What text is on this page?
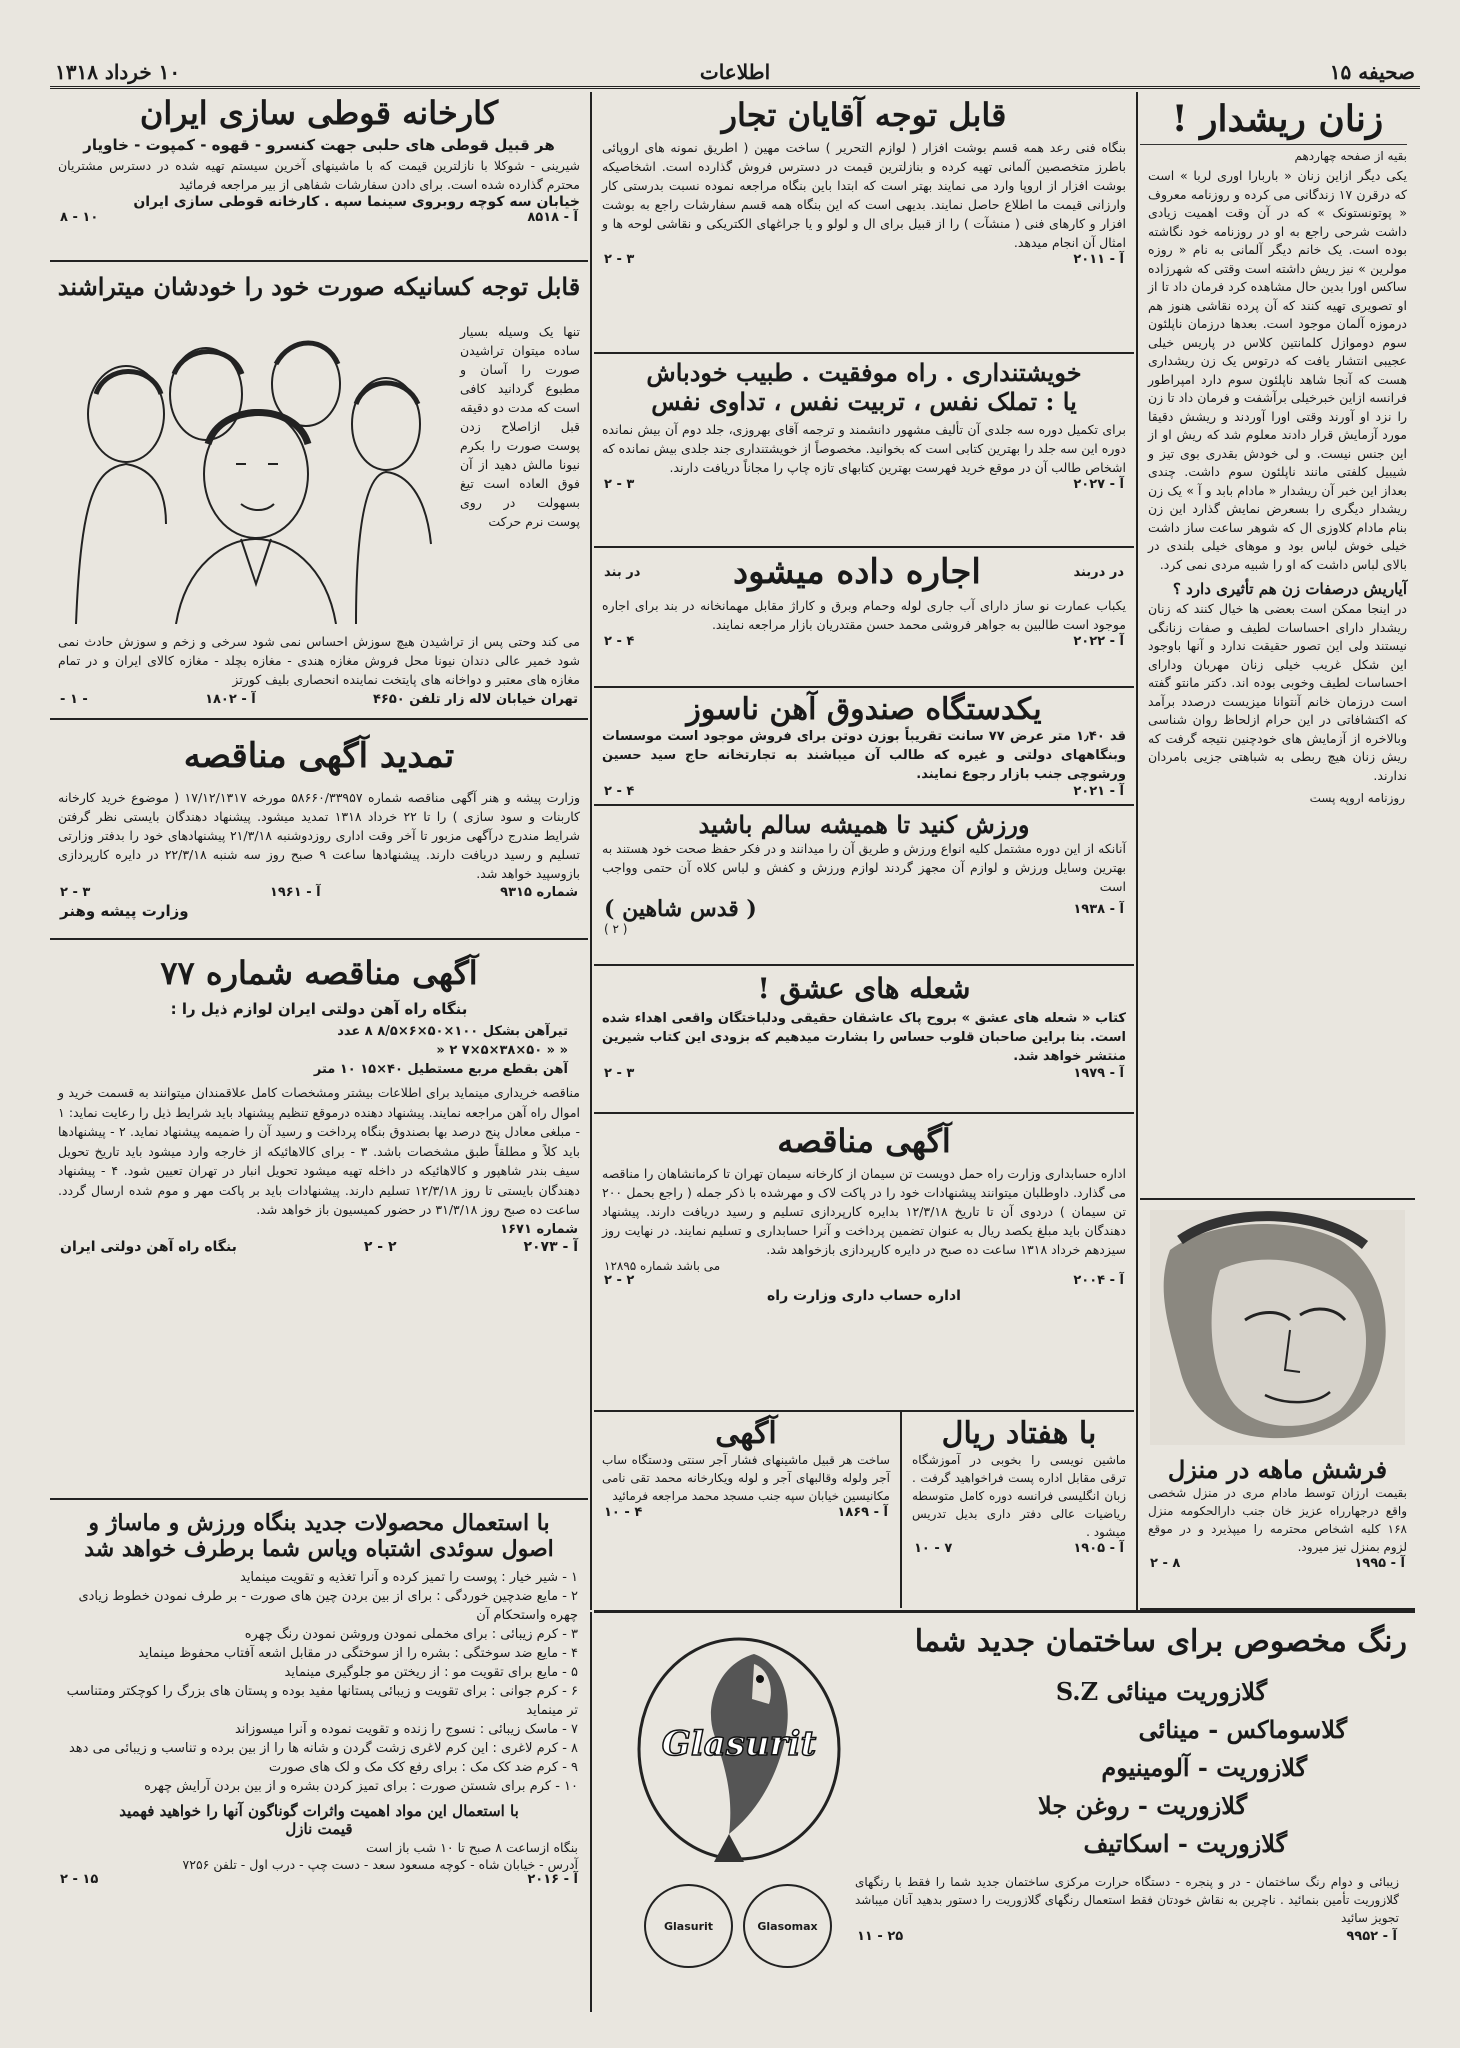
صحیفه ۱۵
اطلاعات
۱۰ خرداد ۱۳۱۸
زنان ریشدار !
بقیه از صفحه چهاردهم
یکی دیگر ازاین زنان « باربارا اوری لربا » است که درقرن ۱۷ زندگانی می کرده و روزنامه معروف « پوتونستونک » که در آن وقت اهمیت زیادی داشت شرحی راجع به او در روزنامه خود نگاشته بوده است. یک خانم دیگر آلمانی به نام « روزه مولرین » نیز ریش داشته است وقتی که شهرزاده ساکس اورا بدین حال مشاهده کرد فرمان داد تا از او تصویری تهیه کنند که آن پرده نقاشی هنوز هم درموزه آلمان موجود است. بعدها درزمان ناپلئون سوم دوموازل کلمانتین کلاس در پاریس خیلی عجیبی انتشار یافت که درتوس یک زن ریشداری هست که آنجا شاهد ناپلئون سوم دارد امپراطور فرانسه ازاین خبرخیلی برآشفت و فرمان داد تا زن را نزد او آورند وقتی اورا آوردند و ریشش دقیقا مورد آزمایش قرار دادند معلوم شد که ریش او از این جنس نیست. و لی خودش بقدری بوی تیز و شیبیل کلفتی مانند ناپلئون سوم داشت. چندی بعداز این خبر آن ریشدار « مادام بابد و آ » یک زن ریشدار دیگری را بسعرض نمایش گذارد این زن بنام مادام کلاوزی ال که شوهر ساعت ساز داشت خیلی خوش لباس بود و موهای خیلی بلندی در بالای لباس داشت که او را شبیه مردی نمی کرد.
آیاریش درصفات زن هم تأثیری دارد ؟
در اینجا ممکن است بعضی ها خیال کنند که زنان ریشدار دارای احساسات لطیف و صفات زنانگی نیستند ولی این تصور حقیقت ندارد و آنها باوجود این شکل غریب خیلی زنان مهربان ودارای احساسات لطیف وخوبی بوده اند. دکتر مانتو گفته است درزمان خانم آنتوانا میزیست درصدد برآمد که اکتشافاتی در این حرام ازلحاظ روان شناسی وبالاخره از آزمایش های خودچنین نتیجه گرفت که ریش زنان هیچ ربطی به شباهتی جزیی بامردان ندارند.
روزنامه اروپه پست
فرشش ماهه در منزل
بقیمت ارزان توسط مادام مری در منزل شخصی واقع درجهارراه عزیز خان جنب دارالحکومه منزل ۱۶۸ کلیه اشخاص محترمه را میپذیرد و در موقع لزوم بمنزل نیز میرود.
آ - ۱۹۹۵
۸ - ۲
قابل توجه آقایان تجار
بنگاه فنی رعد همه قسم بوشت افزار ( لوازم التحریر ) ساخت مهین ( اطریق نمونه های اروپائی باطرز متخصصین آلمانی تهیه کرده و بنازلترین قیمت در دسترس فروش گذارده است. اشخاصیکه بوشت افزار از اروپا وارد می نمایند بهتر است که ابتدا باین بنگاه مراجعه نموده نسبت بدرستی کار وارزانی قیمت ما اطلاع حاصل نمایند. بدیهی است که این بنگاه همه قسم سفارشات راجع به بوشت افزار و کارهای فنی ( منشآت ) را از قبیل برای ال و لولو و یا جراغهای الکتریکی و نقاشی لوحه ها و امثال آن انجام میدهد.
آ - ۲۰۱۱
۳ - ۲
خویشتنداری . راه موفقیت . طبیب خودباش
یا : تملک نفس ، تربیت نفس ، تداوی نفس
برای تکمیل دوره سه جلدی آن تألیف مشهور دانشمند و ترجمه آقای بهروزی، جلد دوم آن بیش نمانده دوره این سه جلد را بهترین کتابی است که بخوانید. مخصوصاً از خویشتنداری جند جلدی بیش نمانده که اشخاص طالب آن در موقع خرید فهرست بهترین کتابهای تازه چاپ را مجاناً دریافت دارند.
آ - ۲۰۲۷
۳ - ۲
در دربند
اجاره داده میشود
در بند
یکباب عمارت نو ساز دارای آب جاری لوله وحمام وبرق و کاراژ مقابل مهمانخانه در بند برای اجاره موجود است طالبین به جواهر فروشی محمد حسن مقتدریان بازار مراجعه نمایند.
آ - ۲۰۲۲
۴ - ۲
یکدستگاه صندوق آهن ناسوز
قد ۱٫۴۰ متر عرض ۷۷ سانت تقریباً بوزن دوتن برای فروش موجود است موسسات وبنگاههای دولتی و غیره که طالب آن میباشند به تجارتخانه حاج سید حسین ورشوچی جنب بازار رجوع نمایند.
آ - ۲۰۲۱
۴ - ۲
ورزش کنید تا همیشه سالم باشید
آنانکه از این دوره مشتمل کلیه انواع ورزش و طریق آن را میدانند و در فکر حفظ صحت خود هستند به بهترین وسایل ورزش و لوازم آن مجهز گردند لوازم ورزش و کفش و لباس کلاه آن حتمی وواجب است
آ - ۱۹۳۸
( قدس شاهین )
( ۲ )
شعله های عشق !
کتاب « شعله های عشق » بروح پاک عاشقان حقیقی ودلباختگان واقعی اهداء شده است. بنا براین صاحبان قلوب حساس را بشارت میدهیم که بزودی این کتاب شیرین منتشر خواهد شد.
آ - ۱۹۷۹
۳ - ۲
آگهی مناقصه
اداره حسابداری وزارت راه حمل دویست تن سیمان از کارخانه سیمان تهران تا کرمانشاهان را مناقصه می گذارد. داوطلبان میتوانند پیشنهادات خود را در پاکت لاک و مهرشده با ذکر جمله ( راجع بحمل ۲۰۰ تن سیمان ) دردوی آن تا تاریخ ۱۲/۳/۱۸ بدایره کارپردازی تسلیم و رسید دریافت دارند. پیشنهاد دهندگان باید مبلغ یکصد ریال به عنوان تضمین پرداخت و آنرا حسابداری و تسلیم نمایند. در نهایت روز سیزدهم خرداد ۱۳۱۸ ساعت ده صبح در دایره کارپردازی بازخواهد شد.
می باشد شماره ۱۲۸۹۵
آ - ۲۰۰۴
۲ - ۲
اداره حساب داری وزارت راه
با هفتاد ریال
ماشین نویسی را بخوبی در آموزشگاه ترقی مقابل اداره پست فراخواهید گرفت . زبان انگلیسی فرانسه دوره کامل متوسطه ریاضیات عالی دفتر داری بدیل تدریس میشود .
آ - ۱۹۰۵
۷ - ۱۰
آگهی
ساخت هر قبیل ماشینهای فشار آجر سنتی ودستگاه ساب آجر ولوله وقالبهای آجر و لوله ویکارخانه محمد تقی نامی مکانیسین خیابان سپه جنب مسجد محمد مراجعه فرمائید
آ - ۱۸۶۹
۴ - ۱۰
رنگ مخصوص برای ساختمان جدید شما
گلازوریت مینائی S.Z
گلاسوماکس - مینائی
گلازوریت - آلومینیوم
گلازوریت - روغن جلا
گلازوریت - اسکاتیف
زیبائی و دوام رنگ ساختمان - در و پنجره - دستگاه حرارت مرکزی ساختمان جدید شما را فقط با رنگهای گلازوریت تأمین بنمائید . ناچرین به نقاش خودتان فقط استعمال رنگهای گلازوریت را دستور بدهید آنان میباشد تجویز سائید
آ - ۹۹۵۲
۲۵ - ۱۱
Glasurit
Glasurit	Glasomax
کارخانه قوطی سازی ایران
هر قبیل قوطی های حلبی جهت کنسرو - قهوه - کمپوت - خاویار
شیرینی - شوکلا با نازلترین قیمت که با ماشینهای آخرین سیستم تهیه شده در دسترس مشتریان محترم گذارده شده است. برای دادن سفارشات شفاهی از بیر مراجعه فرمائید
خیابان سه کوچه روبروی سینما سپه . کارخانه قوطی سازی ایران
آ - ۸۵۱۸
۱۰ - ۸
قابل توجه کسانیکه صورت خود را خودشان میتراشند
تنها یک وسیله بسیار ساده میتوان تراشیدن صورت را آسان و مطبوع گردانید کافی است که مدت دو دقیقه قبل ازاصلاح زدن پوست صورت را بکرم نیونا مالش دهید از آن فوق العاده است تیغ بسهولت در روی پوست نرم حرکت
می کند وحتی پس از تراشیدن هیچ سوزش احساس نمی شود سرخی و زخم و سوزش حادث نمی شود خمیر عالی دندان نیونا محل فروش مغازه هندی - مغازه بچلد - مغازه کالای ایران و در تمام مغازه های معتبر و دواخانه های پایتخت نماینده انحصاری بلیف کورتز
تهران خیابان لاله زار تلفن ۴۶۵۰
آ - ۱۸۰۲
- ۱ -
تمدید آگهی مناقصه
وزارت پیشه و هنر آگهی مناقصه شماره ۵۸۶۶۰/۳۳۹۵۷ مورخه ۱۷/۱۲/۱۳۱۷ ( موضوع خرید کارخانه کاربنات و سود سازی ) را تا ۲۲ خرداد ۱۳۱۸ تمدید میشود. پیشنهاد دهندگان بایستی نظر گرفتن شرایط مندرج درآگهی مزبور تا آخر وقت اداری روزدوشنبه ۲۱/۳/۱۸ پیشنهادهای خود را بدفتر وزارتی تسلیم و رسید دریافت دارند. پیشنهادها ساعت ۹ صبح روز سه شنبه ۲۲/۳/۱۸ در دایره کارپردازی بازوسپید خواهد شد.
شماره ۹۳۱۵
آ - ۱۹۶۱
۳ - ۲
وزارت پیشه وهنر
آگهی مناقصه شماره ۷۷
بنگاه راه آهن دولتی ایران لوازم ذیل را :
تیرآهن بشکل ۱۰۰×۵۰×۶×۸/۵ ۸ عدد
« « ۵۰×۳۸×۵×۷ ۲ «
آهن بقطع مربع مستطیل ۴۰×۱۵ ۱۰ متر
مناقصه خریداری مینماید برای اطلاعات بیشتر ومشخصات کامل علاقمندان میتوانند به قسمت خرید و اموال راه آهن مراجعه نمایند. پیشنهاد دهنده درموقع تنظیم پیشنهاد باید شرایط ذیل را رعایت نماید: ۱ - مبلغی معادل پنج درصد بها بصندوق بنگاه پرداخت و رسید آن را ضمیمه پیشنهاد نماید. ۲ - پیشنهادها باید کلاً و مطلقاً طبق مشخصات باشد. ۳ - برای کالاهائیکه از خارجه وارد میشود باید تاریخ تحویل سیف بندر شاهپور و کالاهائیکه در داخله تهیه میشود تحویل انبار در تهران تعیین شود. ۴ - پیشنهاد دهندگان بایستی تا روز ۱۲/۳/۱۸ تسلیم دارند. پیشنهادات باید بر پاکت مهر و موم شده ارسال گردد. ساعت ده صبح روز ۳۱/۳/۱۸ در حضور کمیسیون باز خواهد شد.
شماره ۱۶۷۱
آ - ۲۰۷۳
۲ - ۲
بنگاه راه آهن دولتی ایران
با استعمال محصولات جدید بنگاه ورزش و ماساژ و
اصول سوئدی اشتباه ویاس شما برطرف خواهد شد
۱ - شیر خیار : پوست را تمیز کرده و آنرا تغذیه و تقویت مینماید
۲ - مایع ضدچین خوردگی : برای از بین بردن چین های صورت - بر طرف نمودن خطوط زیادی چهره واستحکام آن
۳ - کرم زیبائی : برای مخملی نمودن وروشن نمودن رنگ چهره
۴ - مایع ضد سوختگی : بشره را از سوختگی در مقابل اشعه آفتاب محفوظ مینماید
۵ - مایع برای تقویت مو : از ریختن مو جلوگیری مینماید
۶ - کرم جوانی : برای تقویت و زیبائی پستانها مفید بوده و پستان های بزرگ را کوچکتر ومتناسب تر مینماید
۷ - ماسک زیبائی : نسوج را زنده و تقویت نموده و آنرا میسوزاند
۸ - کرم لاغری : این کرم لاغری زشت گردن و شانه ها را از بین برده و تناسب و زیبائی می دهد
۹ - کرم ضد کک مک : برای رفع کک مک و لک های صورت
۱۰ - کرم برای شستن صورت : برای تمیز کردن بشره و از بین بردن آرایش چهره
با استعمال این مواد اهمیت واثرات گوناگون آنها را خواهید فهمید
قیمت نازل
بنگاه ازساعت ۸ صبح تا ۱۰ شب باز است
آدرس - خیابان شاه - کوچه مسعود سعد - دست چپ - درب اول - تلفن ۷۲۵۶
آ - ۲۰۱۶
۱۵ - ۲
